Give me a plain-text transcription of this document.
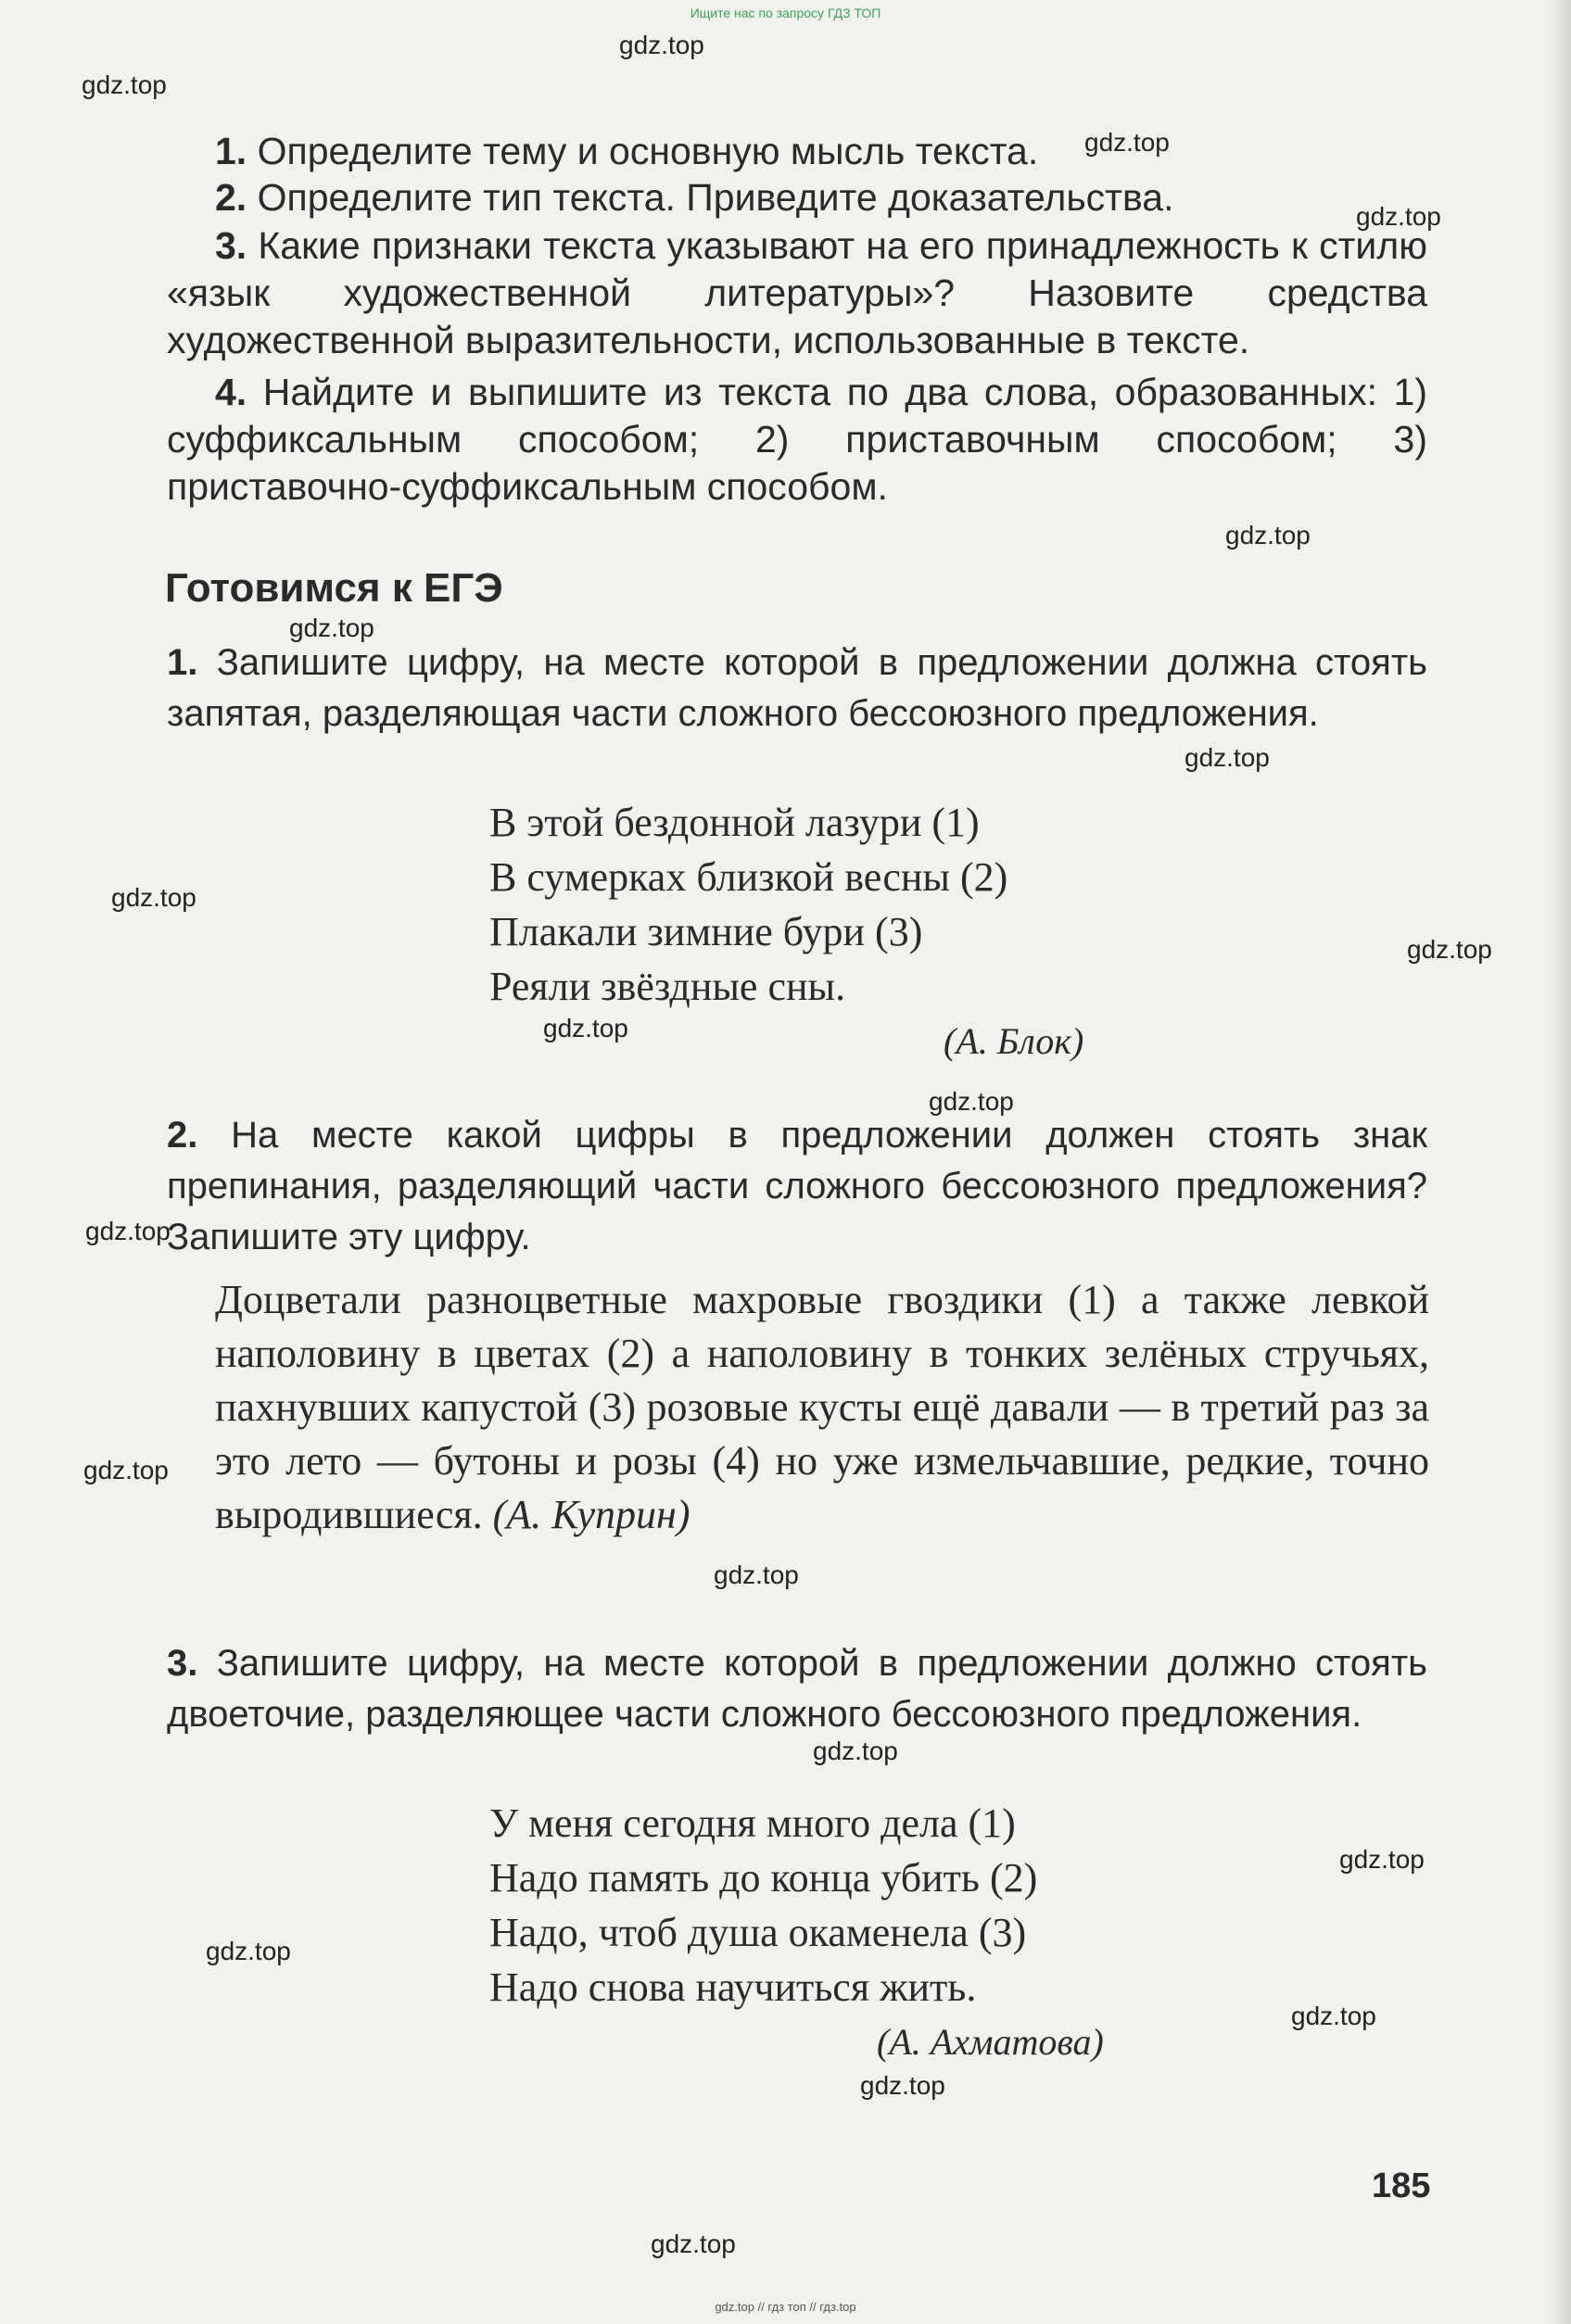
Ищите нас по запросу ГДЗ ТОП
gdz.top
gdz.top
gdz.top
gdz.top
gdz.top
gdz.top
gdz.top
gdz.top
gdz.top
gdz.top
gdz.top
gdz.top
gdz.top
gdz.top
gdz.top
gdz.top
gdz.top
gdz.top
gdz.top
gdz.top
1. Определите тему и основную мысль текста.
2. Определите тип текста. Приведите доказательства.
3. Какие признаки текста указывают на его принадлежность к стилю «язык художественной литературы»? Назовите средства художественной выразительности, использованные в тексте.
4. Найдите и выпишите из текста по два слова, образованных: 1) суффиксальным способом; 2) приставочным способом; 3) приставочно-суффиксальным способом.
Готовимся к ЕГЭ
1. Запишите цифру, на месте которой в предложении должна стоять запятая, разделяющая части сложного бессоюзного предложения.
В этой бездонной лазури (1)
В сумерках близкой весны (2)
Плакали зимние бури (3)
Реяли звёздные сны.
(А. Блок)
2. На месте какой цифры в предложении должен стоять знак препинания, разделяющий части сложного бессоюзного предложения? Запишите эту цифру.
Доцветали разноцветные махровые гвоздики (1) а также левкой наполовину в цветах (2) а наполовину в тонких зелёных стручьях, пахнувших капустой (3) розовые кусты ещё давали — в третий раз за это лето — бутоны и розы (4) но уже измельчавшие, редкие, точно выродившиеся. (А. Куприн)
3. Запишите цифру, на месте которой в предложении должно стоять двоеточие, разделяющее части сложного бессоюзного предложения.
У меня сегодня много дела (1)
Надо память до конца убить (2)
Надо, чтоб душа окаменела (3)
Надо снова научиться жить.
(А. Ахматова)
185
gdz.top // гдз топ // гдз.top
